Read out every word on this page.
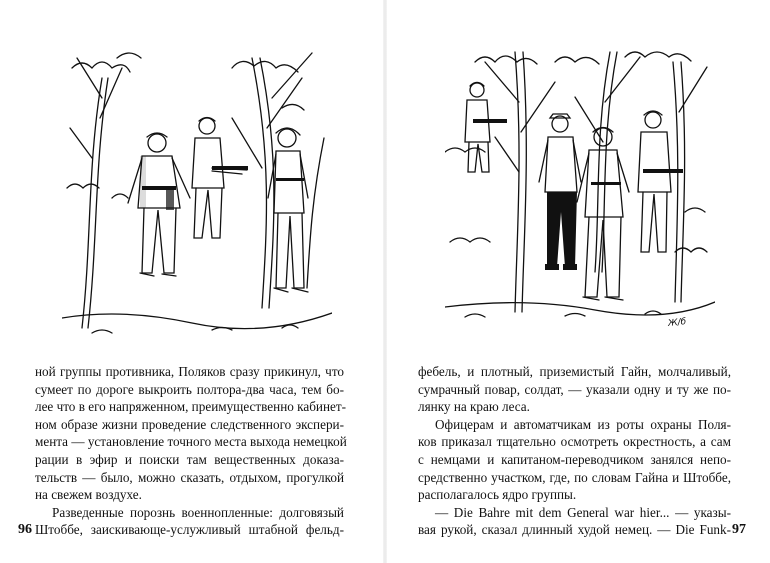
ной группы противника, Поляков сразу прикинул, что
сумеет по дороге выкроить полтора-два часа, тем бо-
лее что в его напряженном, преимущественно кабинет-
ном образе жизни проведение следственного экспери-
мента — установление точного места выхода немецкой
рации в эфир и поиски там вещественных доказа-
тельств — было, можно сказать, отдыхом, прогулкой
на свежем воздухе.
Разведенные порознь военнопленные: долговязый
Штоббе, заискивающе-услужливый штабной фельд-
96
Ж/б
фебель, и плотный, приземистый Гайн, молчаливый,
сумрачный повар, солдат, — указали одну и ту же по-
лянку на краю леса.
Офицерам и автоматчикам из роты охраны Поля-
ков приказал тщательно осмотреть окрестность, а сам
с немцами и капитаном-переводчиком занялся непо-
средственно участком, где, по словам Гайна и Штоббе,
располагалось ядро группы.
— Die Bahre mit dem General war hier... — указы-
вая рукой, сказал длинный худой немец. — Die Funk- 97
